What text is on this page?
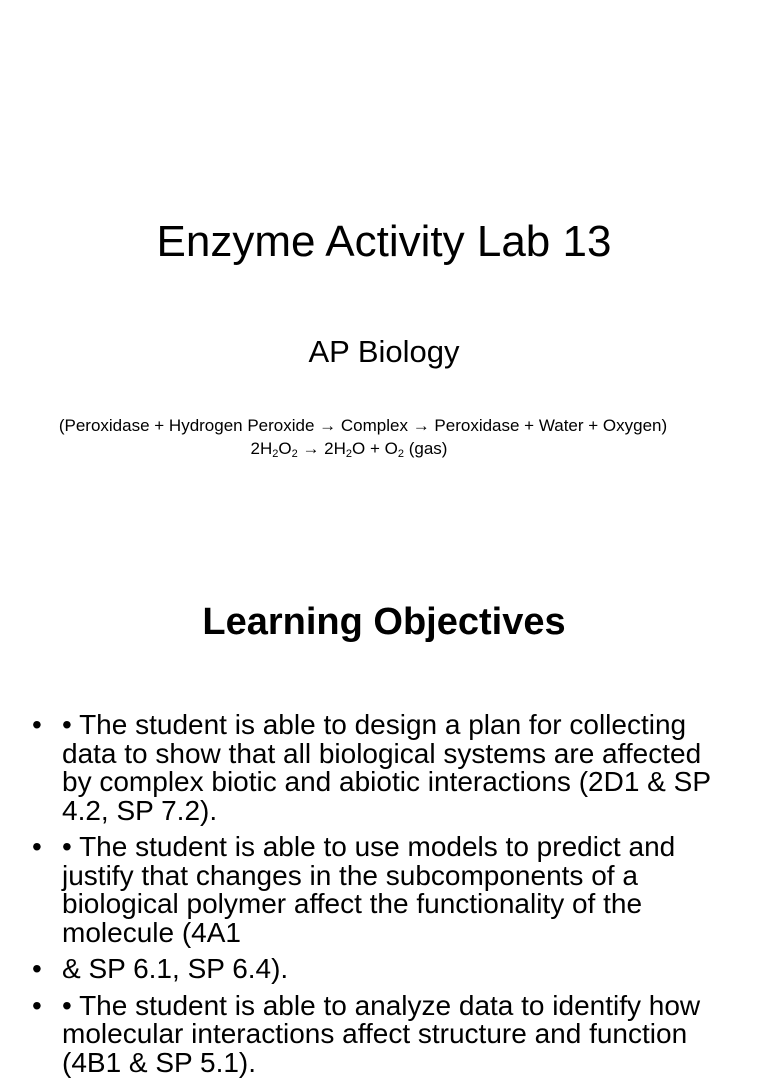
Enzyme Activity Lab 13
AP Biology
(Peroxidase + Hydrogen Peroxide → Complex → Peroxidase + Water + Oxygen)
$2H_2O_2 \to 2H_2O + O_2$ (gas)
Learning Objectives
• • The student is able to design a plan for collecting data to show that all biological systems are affected by complex biotic and abiotic interactions (2D1 & SP 4.2, SP 7.2).
• • The student is able to use models to predict and justify that changes in the subcomponents of a biological polymer affect the functionality of the molecule (4A1
• & SP 6.1, SP 6.4).
• • The student is able to analyze data to identify how molecular interactions affect structure and function (4B1 & SP 5.1).
